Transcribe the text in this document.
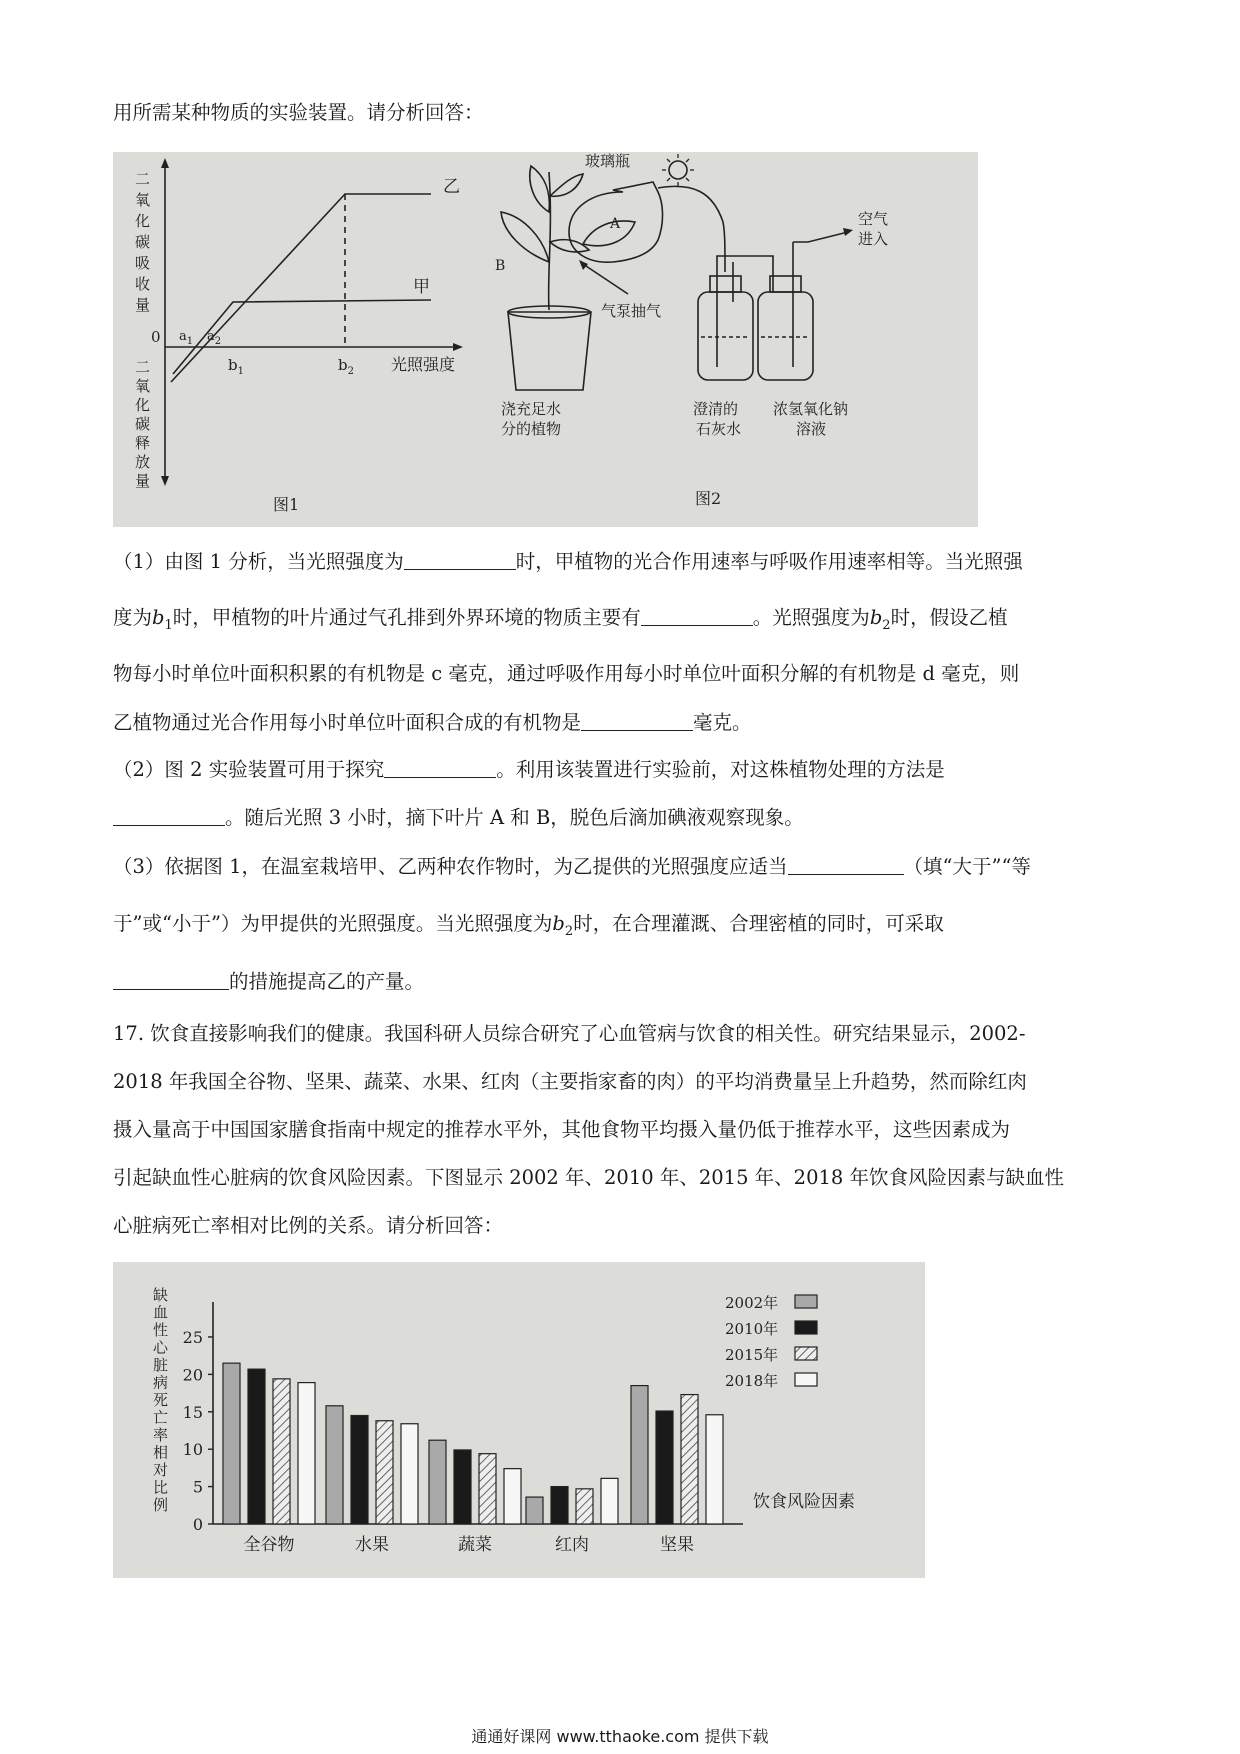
用所需某种物质的实验装置。请分析回答：
0
乙
甲
光照强度
$a_1$ $a_2$
$b_1$	$b_2$
图1
二
氧
化
碳
吸
收
量
二
氧
化
碳
释
放
量
玻璃瓶
A
B
气泵抽气
空气
进入
浇充足水
分的植物
澄清的
石灰水
浓氢氧化钠
溶液
图2
（1）由图 1 分析，当光照强度为	时，甲植物的光合作用速率与呼吸作用速率相等。当光照强
度为$b_1$时，甲植物的叶片通过气孔排到外界环境的物质主要有	。光照强度为$b_2$时，假设乙植
物每小时单位叶面积积累的有机物是 c 毫克，通过呼吸作用每小时单位叶面积分解的有机物是 d 毫克，则
乙植物通过光合作用每小时单位叶面积合成的有机物是	毫克。
（2）图 2 实验装置可用于探究	。利用该装置进行实验前，对这株植物处理的方法是
。随后光照 3 小时，摘下叶片 A 和 B，脱色后滴加碘液观察现象。
（3）依据图 1，在温室栽培甲、乙两种农作物时，为乙提供的光照强度应适当	（填“大于”“等
于”或“小于”）为甲提供的光照强度。当光照强度为$b_2$时，在合理灌溉、合理密植的同时，可采取
的措施提高乙的产量。
17. 饮食直接影响我们的健康。我国科研人员综合研究了心血管病与饮食的相关性。研究结果显示，2002-
2018 年我国全谷物、坚果、蔬菜、水果、红肉（主要指家畜的肉）的平均消费量呈上升趋势，然而除红肉
摄入量高于中国国家膳食指南中规定的推荐水平外，其他食物平均摄入量仍低于推荐水平，这些因素成为
引起缺血性心脏病的饮食风险因素。下图显示 2002 年、2010 年、2015 年、2018 年饮食风险因素与缺血性
心脏病死亡率相对比例的关系。请分析回答：
0
5
10
15
20
25
缺
血
性
心
脏
病
死
亡
率
相
对
比
例
全谷物	水果	蔬菜	红肉	坚果
饮食风险因素
2002年
2010年
2015年
2018年
通通好课网 www.tthaoke.com 提供下载
